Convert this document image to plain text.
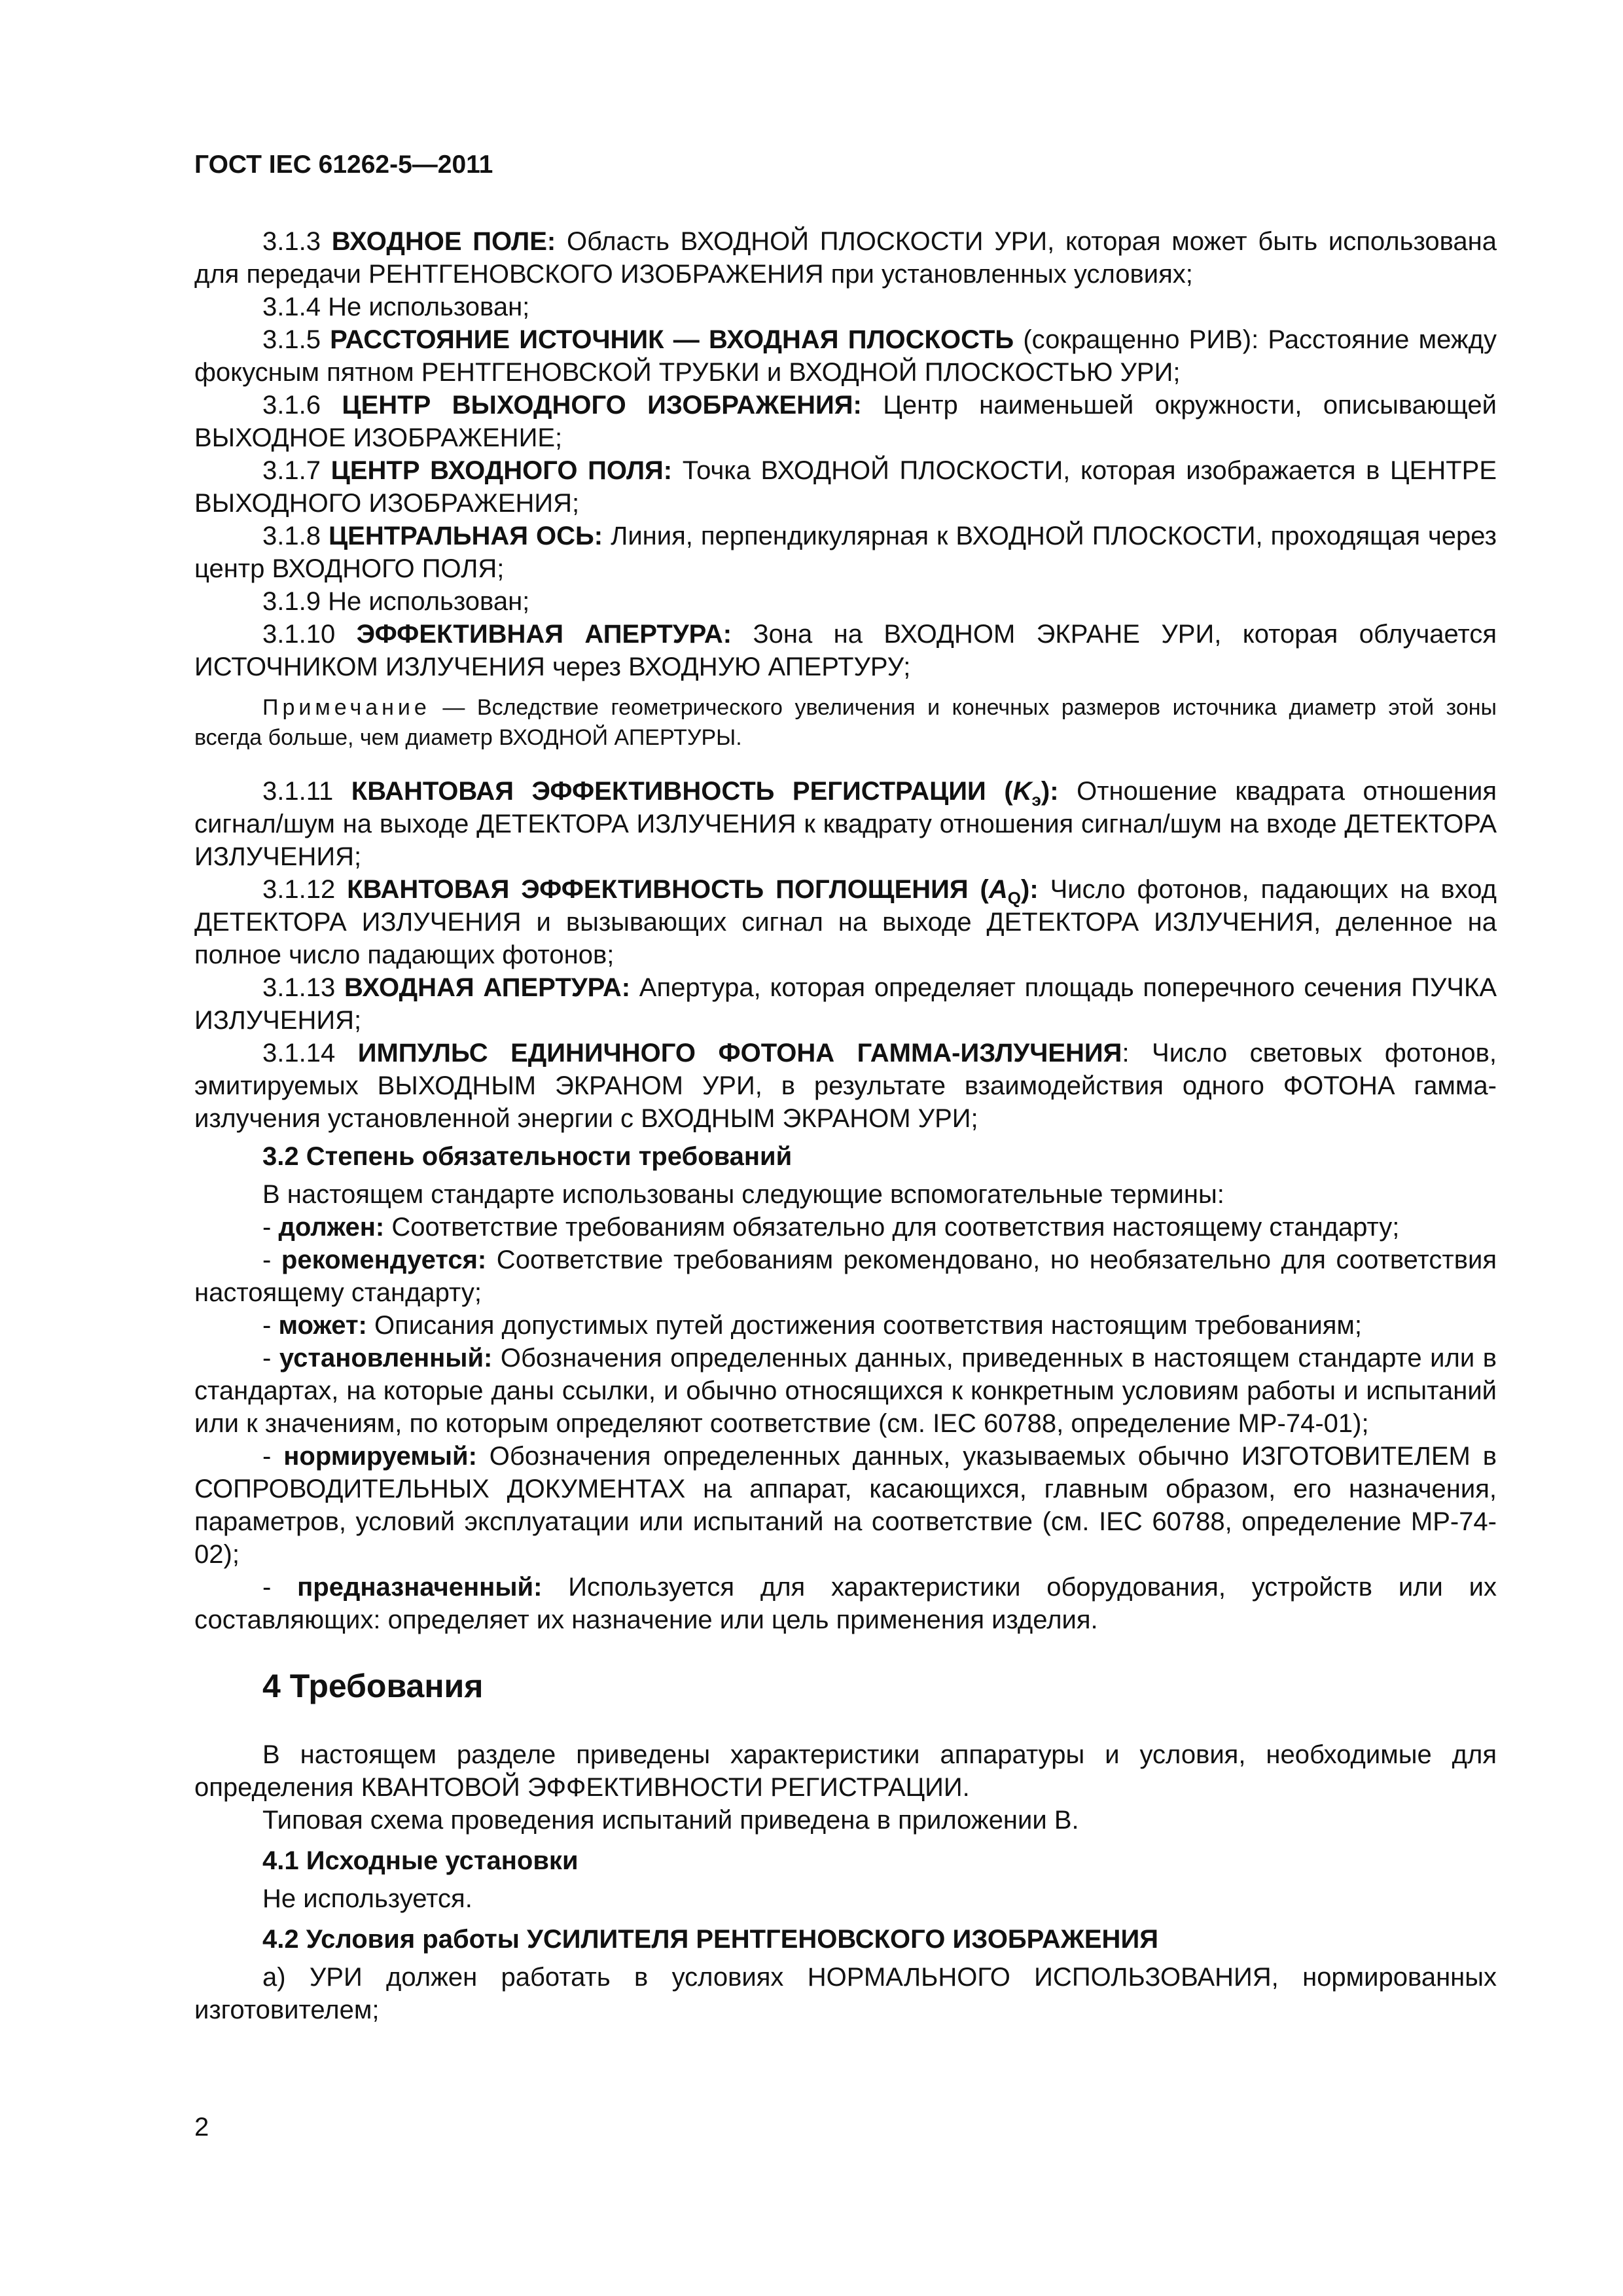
ГОСТ IEC 61262-5—2011

3.1.3 ВХОДНОЕ ПОЛЕ: Область ВХОДНОЙ ПЛОСКОСТИ УРИ, которая может быть использована для передачи РЕНТГЕНОВСКОГО ИЗОБРАЖЕНИЯ при установленных условиях;

3.1.4 Не использован;

3.1.5 РАССТОЯНИЕ ИСТОЧНИК — ВХОДНАЯ ПЛОСКОСТЬ (сокращенно РИВ): Расстояние между фокусным пятном РЕНТГЕНОВСКОЙ ТРУБКИ и ВХОДНОЙ ПЛОСКОСТЬЮ УРИ;

3.1.6 ЦЕНТР ВЫХОДНОГО ИЗОБРАЖЕНИЯ: Центр наименьшей окружности, описывающей ВЫХОДНОЕ ИЗОБРАЖЕНИЕ;

3.1.7 ЦЕНТР ВХОДНОГО ПОЛЯ: Точка ВХОДНОЙ ПЛОСКОСТИ, которая изображается в ЦЕНТРЕ ВЫХОДНОГО ИЗОБРАЖЕНИЯ;

3.1.8 ЦЕНТРАЛЬНАЯ ОСЬ: Линия, перпендикулярная к ВХОДНОЙ ПЛОСКОСТИ, проходящая через центр ВХОДНОГО ПОЛЯ;

3.1.9 Не использован;

3.1.10 ЭФФЕКТИВНАЯ АПЕРТУРА: Зона на ВХОДНОМ ЭКРАНЕ УРИ, которая облучается ИСТОЧНИКОМ ИЗЛУЧЕНИЯ через ВХОДНУЮ АПЕРТУРУ;

Примечание — Вследствие геометрического увеличения и конечных размеров источника диаметр этой зоны всегда больше, чем диаметр ВХОДНОЙ АПЕРТУРЫ.

3.1.11 КВАНТОВАЯ ЭФФЕКТИВНОСТЬ РЕГИСТРАЦИИ $(K_э)$: Отношение квадрата отношения сигнал/шум на выходе ДЕТЕКТОРА ИЗЛУЧЕНИЯ к квадрату отношения сигнал/шум на входе ДЕТЕКТОРА ИЗЛУЧЕНИЯ;

3.1.12 КВАНТОВАЯ ЭФФЕКТИВНОСТЬ ПОГЛОЩЕНИЯ $(A_Q)$: Число фотонов, падающих на вход ДЕТЕКТОРА ИЗЛУЧЕНИЯ и вызывающих сигнал на выходе ДЕТЕКТОРА ИЗЛУЧЕНИЯ, деленное на полное число падающих фотонов;

3.1.13 ВХОДНАЯ АПЕРТУРА: Апертура, которая определяет площадь поперечного сечения ПУЧКА ИЗЛУЧЕНИЯ;

3.1.14 ИМПУЛЬС ЕДИНИЧНОГО ФОТОНА ГАММА-ИЗЛУЧЕНИЯ: Число световых фотонов, эмитируемых ВЫХОДНЫМ ЭКРАНОМ УРИ, в результате взаимодействия одного ФОТОНА гамма-излучения установленной энергии с ВХОДНЫМ ЭКРАНОМ УРИ;

3.2 Степень обязательности требований

В настоящем стандарте использованы следующие вспомогательные термины:

- должен: Соответствие требованиям обязательно для соответствия настоящему стандарту;

- рекомендуется: Соответствие требованиям рекомендовано, но необязательно для соответствия настоящему стандарту;

- может: Описания допустимых путей достижения соответствия настоящим требованиям;

- установленный: Обозначения определенных данных, приведенных в настоящем стандарте или в стандартах, на которые даны ссылки, и обычно относящихся к конкретным условиям работы и испытаний или к значениям, по которым определяют соответствие (см. IEC 60788, определение MP-74-01);

- нормируемый: Обозначения определенных данных, указываемых обычно ИЗГОТОВИТЕЛЕМ в СОПРОВОДИТЕЛЬНЫХ ДОКУМЕНТАХ на аппарат, касающихся, главным образом, его назначения, параметров, условий эксплуатации или испытаний на соответствие (см. IEC 60788, определение MP-74-02);

- предназначенный: Используется для характеристики оборудования, устройств или их составляющих: определяет их назначение или цель применения изделия.

4 Требования

В настоящем разделе приведены характеристики аппаратуры и условия, необходимые для определения КВАНТОВОЙ ЭФФЕКТИВНОСТИ РЕГИСТРАЦИИ.

Типовая схема проведения испытаний приведена в приложении В.

4.1 Исходные установки

Не используется.

4.2 Условия работы УСИЛИТЕЛЯ РЕНТГЕНОВСКОГО ИЗОБРАЖЕНИЯ

а) УРИ должен работать в условиях НОРМАЛЬНОГО ИСПОЛЬЗОВАНИЯ, нормированных изготовителем;

2
